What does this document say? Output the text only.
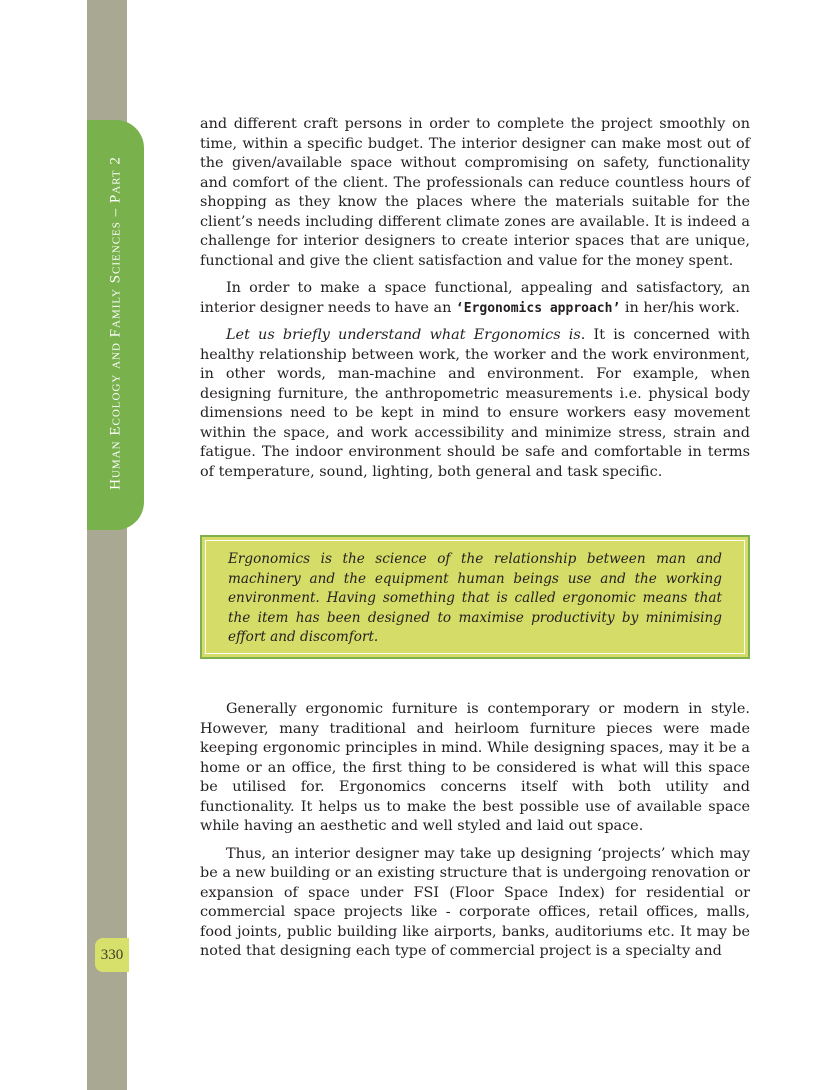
Human Ecology and Family Sciences – Part 2
330

and different craft persons in order to complete the project smoothly on time, within a specific budget. The interior designer can make most out of the given/available space without compromising on safety, functionality and comfort of the client. The professionals can reduce countless hours of shopping as they know the places where the materials suitable for the client’s needs including different climate zones are available. It is indeed a challenge for interior designers to create interior spaces that are unique, functional and give the client satisfaction and value for the money spent.

In order to make a space functional, appealing and satisfactory, an interior designer needs to have an ‘Ergonomics approach’ in her/his work.

Let us briefly understand what Ergonomics is. It is concerned with healthy relationship between work, the worker and the work environment, in other words, man-machine and environment. For example, when designing furniture, the anthropometric measurements i.e. physical body dimensions need to be kept in mind to ensure workers easy movement within the space, and work accessibility and minimize stress, strain and fatigue. The indoor environment should be safe and comfortable in terms of temperature, sound, lighting, both general and task specific.

Ergonomics is the science of the relationship between man and machinery and the equipment human beings use and the working environment. Having something that is called ergonomic means that the item has been designed to maximise productivity by minimising effort and discomfort.

Generally ergonomic furniture is contemporary or modern in style. However, many traditional and heirloom furniture pieces were made keeping ergonomic principles in mind. While designing spaces, may it be a home or an office, the first thing to be considered is what will this space be utilised for. Ergonomics concerns itself with both utility and functionality. It helps us to make the best possible use of available space while having an aesthetic and well styled and laid out space.

Thus, an interior designer may take up designing ‘projects’ which may be a new building or an existing structure that is undergoing renovation or expansion of space under FSI (Floor Space Index) for residential or commercial space projects like - corporate offices, retail offices, malls, food joints, public building like airports, banks, auditoriums etc. It may be noted that designing each type of commercial project is a specialty and
